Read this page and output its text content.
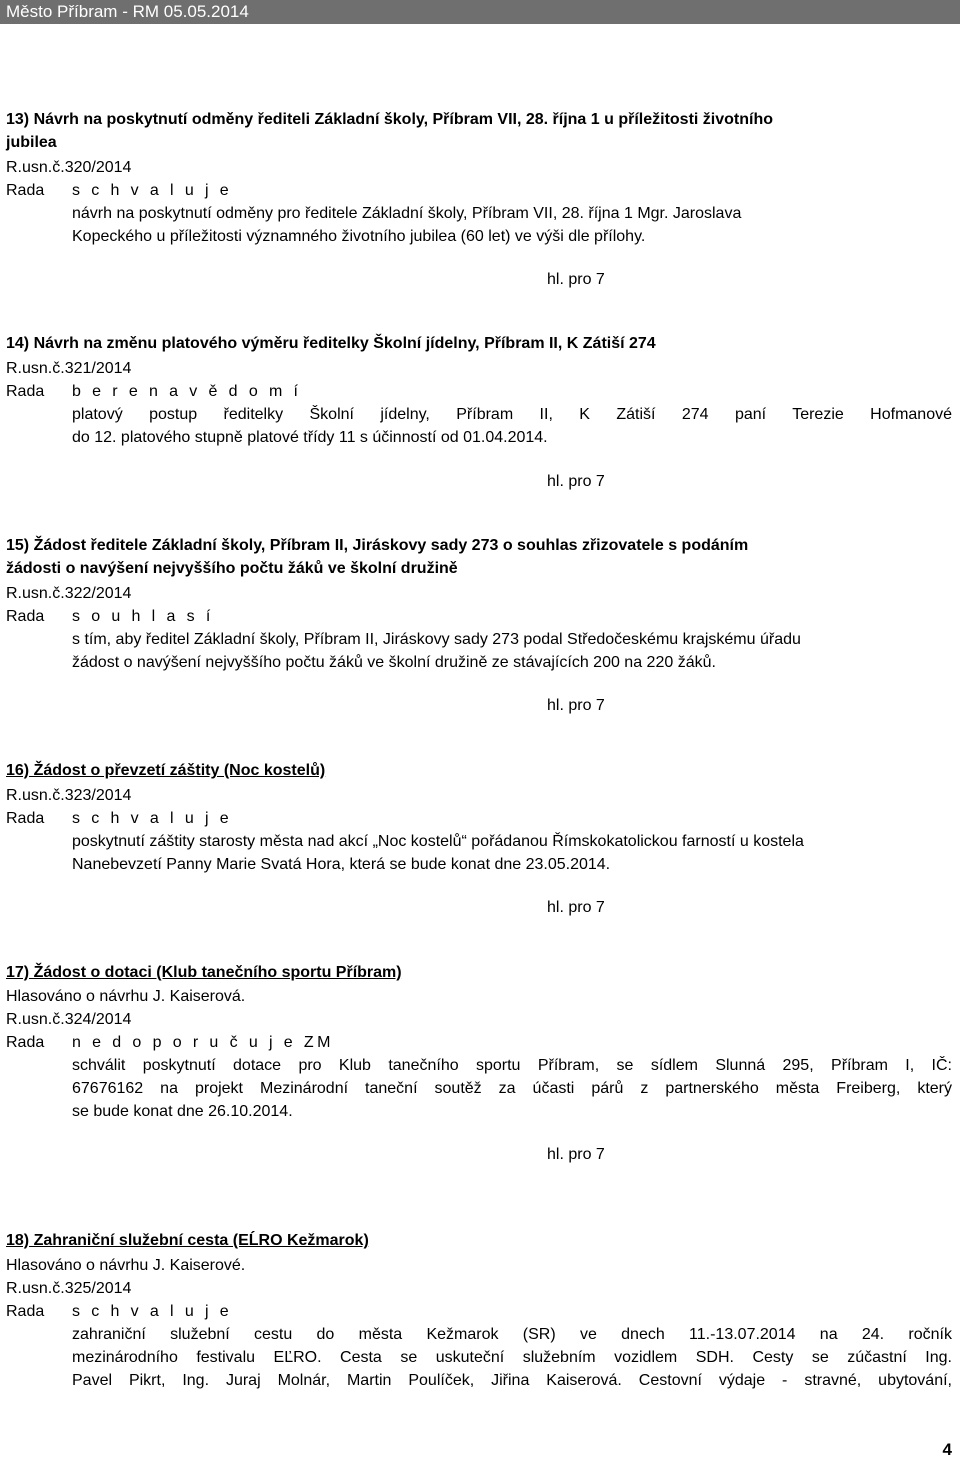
Město Příbram - RM 05.05.2014
13) Návrh na poskytnutí odměny řediteli Základní školy, Příbram VII, 28. října 1 u příležitosti životního
jubilea
R.usn.č.320/2014
Rada s c h v a l u j e
návrh na poskytnutí odměny pro ředitele Základní školy, Příbram VII, 28. října 1 Mgr. Jaroslava
Kopeckého u příležitosti významného životního jubilea (60 let) ve výši dle přílohy.
hl. pro 7
14) Návrh na změnu platového výměru ředitelky Školní jídelny, Příbram II, K Zátiší 274
R.usn.č.321/2014
Rada b e r e n a v ě d o m í
platový postup ředitelky Školní jídelny, Příbram II, K Zátiší 274 paní Terezie Hofmanové
do 12. platového stupně platové třídy 11 s účinností od 01.04.2014.
hl. pro 7
15) Žádost ředitele Základní školy, Příbram II, Jiráskovy sady 273 o souhlas zřizovatele s podáním
žádosti o navýšení nejvyššího počtu žáků ve školní družině
R.usn.č.322/2014
Rada s o u h l a s í
s tím, aby ředitel Základní školy, Příbram II, Jiráskovy sady 273 podal Středočeskému krajskému úřadu
žádost o navýšení nejvyššího počtu žáků ve školní družině ze stávajících 200 na 220 žáků.
hl. pro 7
16) Žádost o převzetí záštity (Noc kostelů)
R.usn.č.323/2014
Rada s c h v a l u j e
poskytnutí záštity starosty města nad akcí „Noc kostelů“ pořádanou Římskokatolickou farností u kostela
Nanebevzetí Panny Marie Svatá Hora, která se bude konat dne 23.05.2014.
hl. pro 7
17) Žádost o dotaci (Klub tanečního sportu Příbram)
Hlasováno o návrhu J. Kaiserová.
R.usn.č.324/2014
Rada n e d o p o r u č u j e ZM
schválit poskytnutí dotace pro Klub tanečního sportu Příbram, se sídlem Slunná 295, Příbram I, IČ:
67676162 na projekt Mezinárodní taneční soutěž za účasti párů z partnerského města Freiberg, který
se bude konat dne 26.10.2014.
hl. pro 7
18) Zahraniční služební cesta (EĹRO Kežmarok)
Hlasováno o návrhu J. Kaiserové.
R.usn.č.325/2014
Rada s c h v a l u j e
zahraniční služební cestu do města Kežmarok (SR) ve dnech 11.-13.07.2014 na 24. ročník
mezinárodního festivalu EĽRO. Cesta se uskuteční služebním vozidlem SDH. Cesty se zúčastní Ing.
Pavel Pikrt, Ing. Juraj Molnár, Martin Poulíček, Jiřina Kaiserová. Cestovní výdaje - stravné, ubytování,
4
